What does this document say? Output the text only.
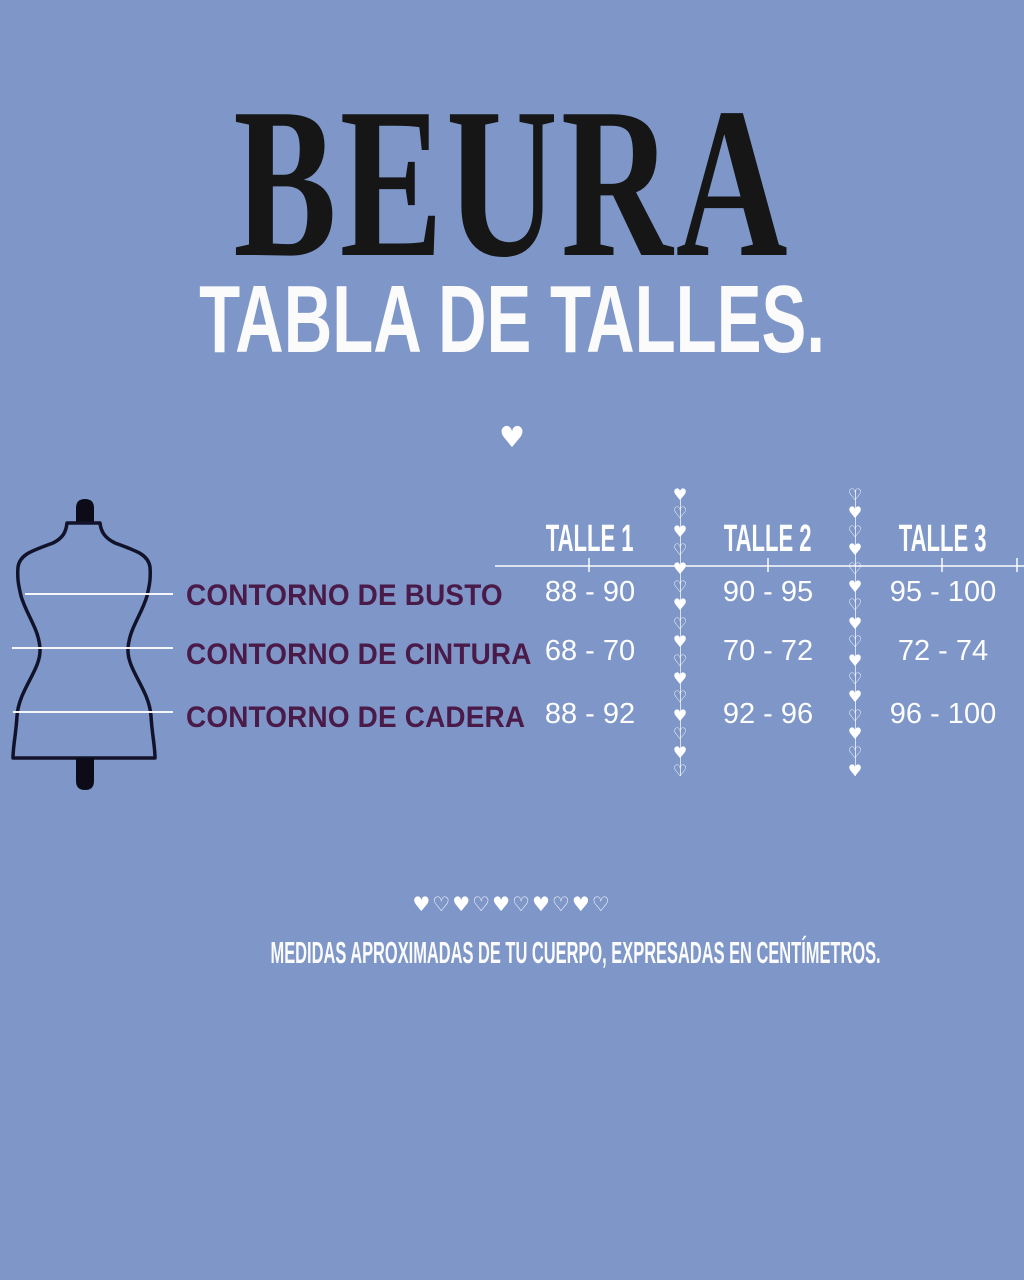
BEURA
TABLA DE TALLES.
♥
♥
♡
♥
♡
♥
♡
♥
♡
♥
♡
♥
♡
♥
♡
♥
♡
♡
♥
♡
♥
♡
♥
♡
♥
♡
♥
♡
♥
♡
♥
♡
♥
TALLE 1	TALLE 2	TALLE 3
CONTORNO DE BUSTO	88 - 90	90 - 95	95 - 100
CONTORNO DE CINTURA 68 - 70	70 - 72	72 - 74
CONTORNO DE CADERA 88 - 92	92 - 96	96 - 100
♥♡♥♡♥♡♥♡♥♡
MEDIDAS APROXIMADAS DE TU CUERPO, EXPRESADAS EN CENTÍMETROS.
